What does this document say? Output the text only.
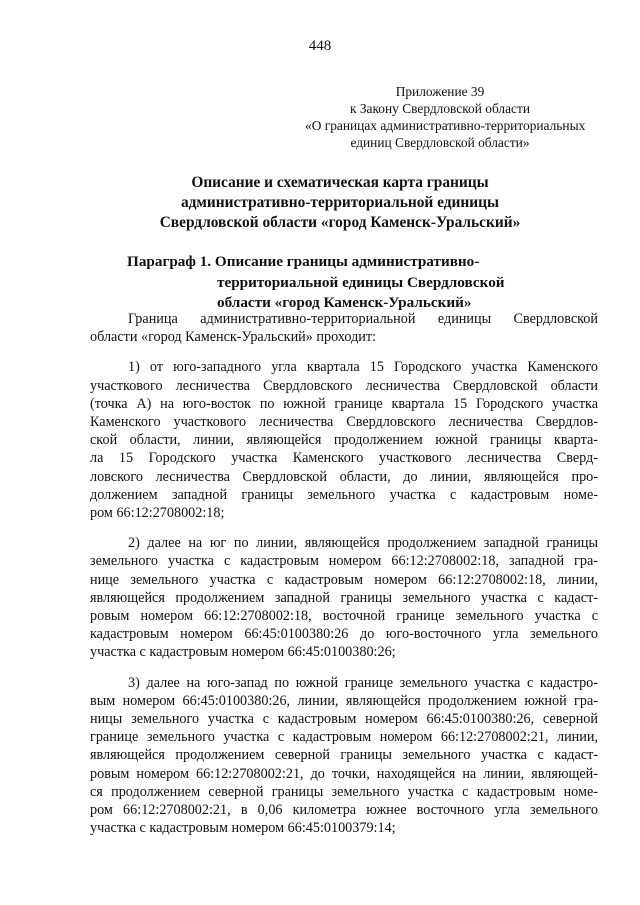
448
Приложение 39
к Закону Свердловской области
«О границах административно-территориальных
единиц Свердловской области»
Описание и схематическая карта границы
административно-территориальной единицы
Свердловской области «город Каменск-Уральский»
Параграф 1. Описание границы административно-
территориальной единицы Свердловской
области «город Каменск-Уральский»

Граница административно-территориальной единицы Свердловской
области «город Каменск-Уральский» проходит:

1) от юго-западного угла квартала 15 Городского участка Каменского
участкового лесничества Свердловского лесничества Свердловской области
(точка А) на юго-восток по южной границе квартала 15 Городского участка
Каменского участкового лесничества Свердловского лесничества Свердлов-
ской области, линии, являющейся продолжением южной границы кварта-
ла 15 Городского участка Каменского участкового лесничества Сверд-
ловского лесничества Свердловской области, до линии, являющейся про-
должением западной границы земельного участка с кадастровым номе-
ром 66:12:2708002:18;

2) далее на юг по линии, являющейся продолжением западной границы
земельного участка с кадастровым номером 66:12:2708002:18, западной гра-
нице земельного участка с кадастровым номером 66:12:2708002:18, линии,
являющейся продолжением западной границы земельного участка с кадаст-
ровым номером 66:12:2708002:18, восточной границе земельного участка с
кадастровым номером 66:45:0100380:26 до юго-восточного угла земельного
участка с кадастровым номером 66:45:0100380:26;

3) далее на юго-запад по южной границе земельного участка с кадастро-
вым номером 66:45:0100380:26, линии, являющейся продолжением южной гра-
ницы земельного участка с кадастровым номером 66:45:0100380:26, северной
границе земельного участка с кадастровым номером 66:12:2708002:21, линии,
являющейся продолжением северной границы земельного участка с кадаст-
ровым номером 66:12:2708002:21, до точки, находящейся на линии, являющей-
ся продолжением северной границы земельного участка с кадастровым номе-
ром 66:12:2708002:21, в 0,06 километра южнее восточного угла земельного
участка с кадастровым номером 66:45:0100379:14;
